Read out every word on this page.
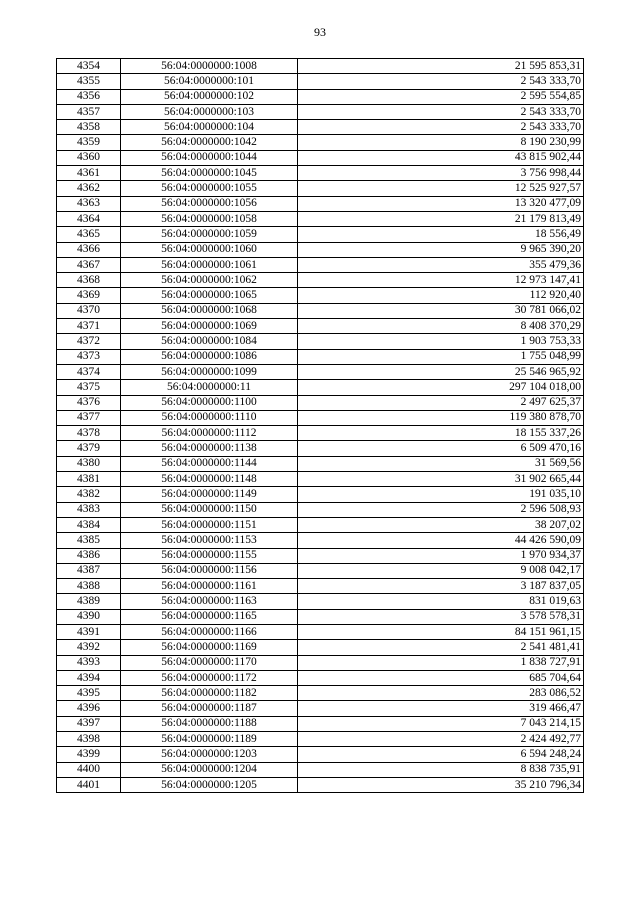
93
4354	56:04:0000000:1008	21 595 853,31
4355	56:04:0000000:101	2 543 333,70
4356	56:04:0000000:102	2 595 554,85
4357	56:04:0000000:103	2 543 333,70
4358	56:04:0000000:104	2 543 333,70
4359	56:04:0000000:1042	8 190 230,99
4360	56:04:0000000:1044	43 815 902,44
4361	56:04:0000000:1045	3 756 998,44
4362	56:04:0000000:1055	12 525 927,57
4363	56:04:0000000:1056	13 320 477,09
4364	56:04:0000000:1058	21 179 813,49
4365	56:04:0000000:1059	18 556,49
4366	56:04:0000000:1060	9 965 390,20
4367	56:04:0000000:1061	355 479,36
4368	56:04:0000000:1062	12 973 147,41
4369	56:04:0000000:1065	112 920,40
4370	56:04:0000000:1068	30 781 066,02
4371	56:04:0000000:1069	8 408 370,29
4372	56:04:0000000:1084	1 903 753,33
4373	56:04:0000000:1086	1 755 048,99
4374	56:04:0000000:1099	25 546 965,92
4375	56:04:0000000:11	297 104 018,00
4376	56:04:0000000:1100	2 497 625,37
4377	56:04:0000000:1110	119 380 878,70
4378	56:04:0000000:1112	18 155 337,26
4379	56:04:0000000:1138	6 509 470,16
4380	56:04:0000000:1144	31 569,56
4381	56:04:0000000:1148	31 902 665,44
4382	56:04:0000000:1149	191 035,10
4383	56:04:0000000:1150	2 596 508,93
4384	56:04:0000000:1151	38 207,02
4385	56:04:0000000:1153	44 426 590,09
4386	56:04:0000000:1155	1 970 934,37
4387	56:04:0000000:1156	9 008 042,17
4388	56:04:0000000:1161	3 187 837,05
4389	56:04:0000000:1163	831 019,63
4390	56:04:0000000:1165	3 578 578,31
4391	56:04:0000000:1166	84 151 961,15
4392	56:04:0000000:1169	2 541 481,41
4393	56:04:0000000:1170	1 838 727,91
4394	56:04:0000000:1172	685 704,64
4395	56:04:0000000:1182	283 086,52
4396	56:04:0000000:1187	319 466,47
4397	56:04:0000000:1188	7 043 214,15
4398	56:04:0000000:1189	2 424 492,77
4399	56:04:0000000:1203	6 594 248,24
4400	56:04:0000000:1204	8 838 735,91
4401	56:04:0000000:1205	35 210 796,34
